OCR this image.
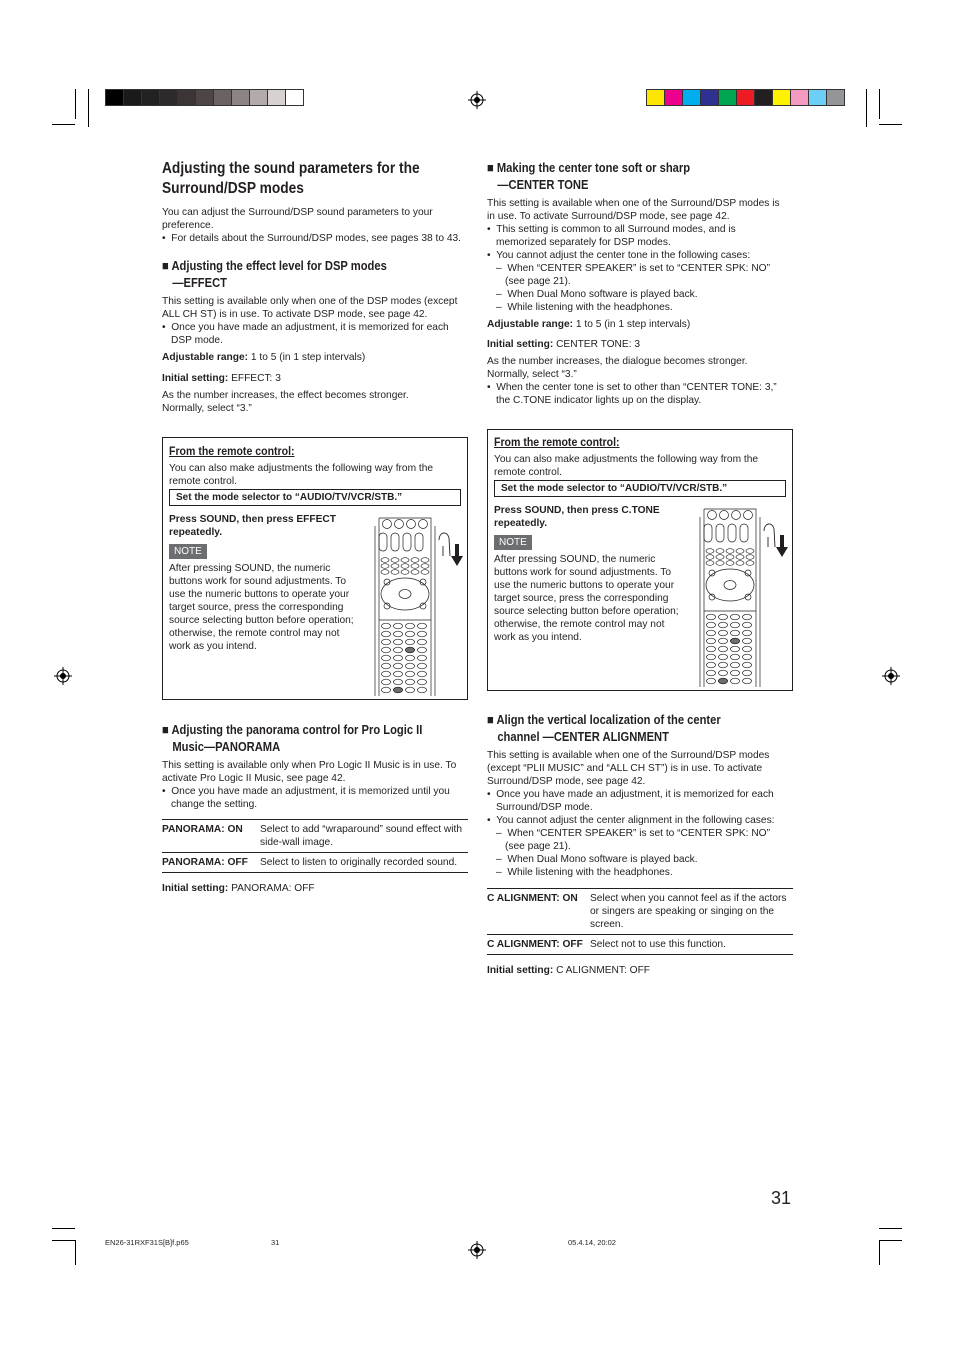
Adjusting the sound parameters for the
Surround/DSP modes

You can adjust the Surround/DSP sound parameters to your

preference.

•  For details about the Surround/DSP modes, see pages 38 to 43.

■ Adjusting the effect level for DSP modes
—EFFECT

This setting is available only when one of the DSP modes (except

ALL CH ST) is in use. To activate DSP mode, see page 42.

•  Once you have made an adjustment, it is memorized for each

DSP mode.

Adjustable range: 1 to 5 (in 1 step intervals)

Initial setting: EFFECT: 3

As the number increases, the effect becomes stronger.

Normally, select “3.”

From the remote control:

You can also make adjustments the following way from the

remote control.

Set the mode selector to “AUDIO/TV/VCR/STB.”

Press SOUND, then press EFFECT

repeatedly.

NOTE

After pressing SOUND, the numeric

buttons work for sound adjustments. To

use the numeric buttons to operate your

target source, press the corresponding

source selecting button before operation;

otherwise, the remote control may not

work as you intend.

■ Adjusting the panorama control for Pro Logic II
Music—PANORAMA

This setting is available only when Pro Logic II Music is in use. To

activate Pro Logic II Music, see page 42.

•  Once you have made an adjustment, it is memorized until you

change the setting.

PANORAMA: ON	Select to add “wraparound” sound effect with
side-wall image.

PANORAMA: OFF	Select to listen to originally recorded sound.

Initial setting: PANORAMA: OFF

■ Making the center tone soft or sharp
—CENTER TONE

This setting is available when one of the Surround/DSP modes is

in use. To activate Surround/DSP mode, see page 42.

•  This setting is common to all Surround modes, and is

memorized separately for DSP modes.

•  You cannot adjust the center tone in the following cases:

–  When “CENTER SPEAKER” is set to “CENTER SPK: NO”

(see page 21).

–  When Dual Mono software is played back.

–  While listening with the headphones.

Adjustable range: 1 to 5 (in 1 step intervals)

Initial setting: CENTER TONE: 3

As the number increases, the dialogue becomes stronger.

Normally, select “3.”

•  When the center tone is set to other than “CENTER TONE: 3,”

the C.TONE indicator lights up on the display.

From the remote control:

You can also make adjustments the following way from the

remote control.

Set the mode selector to “AUDIO/TV/VCR/STB.”

Press SOUND, then press C.TONE

repeatedly.

NOTE

After pressing SOUND, the numeric

buttons work for sound adjustments. To

use the numeric buttons to operate your

target source, press the corresponding

source selecting button before operation;

otherwise, the remote control may not

work as you intend.

■ Align the vertical localization of the center
channel —CENTER ALIGNMENT

This setting is available when one of the Surround/DSP modes

(except “PLII MUSIC” and “ALL CH ST”) is in use. To activate

Surround/DSP mode, see page 42.

•  Once you have made an adjustment, it is memorized for each

Surround/DSP mode.

•  You cannot adjust the center alignment in the following cases:

–  When “CENTER SPEAKER” is set to “CENTER SPK: NO”

(see page 21).

–  When Dual Mono software is played back.

–  While listening with the headphones.

C ALIGNMENT: ON	Select when you cannot feel as if the actors
or singers are speaking or singing on the
screen.

C ALIGNMENT: OFF	Select not to use this function.

Initial setting: C ALIGNMENT: OFF

31
EN26-31RXF31S[B]f.p65	31	05.4.14, 20:02
